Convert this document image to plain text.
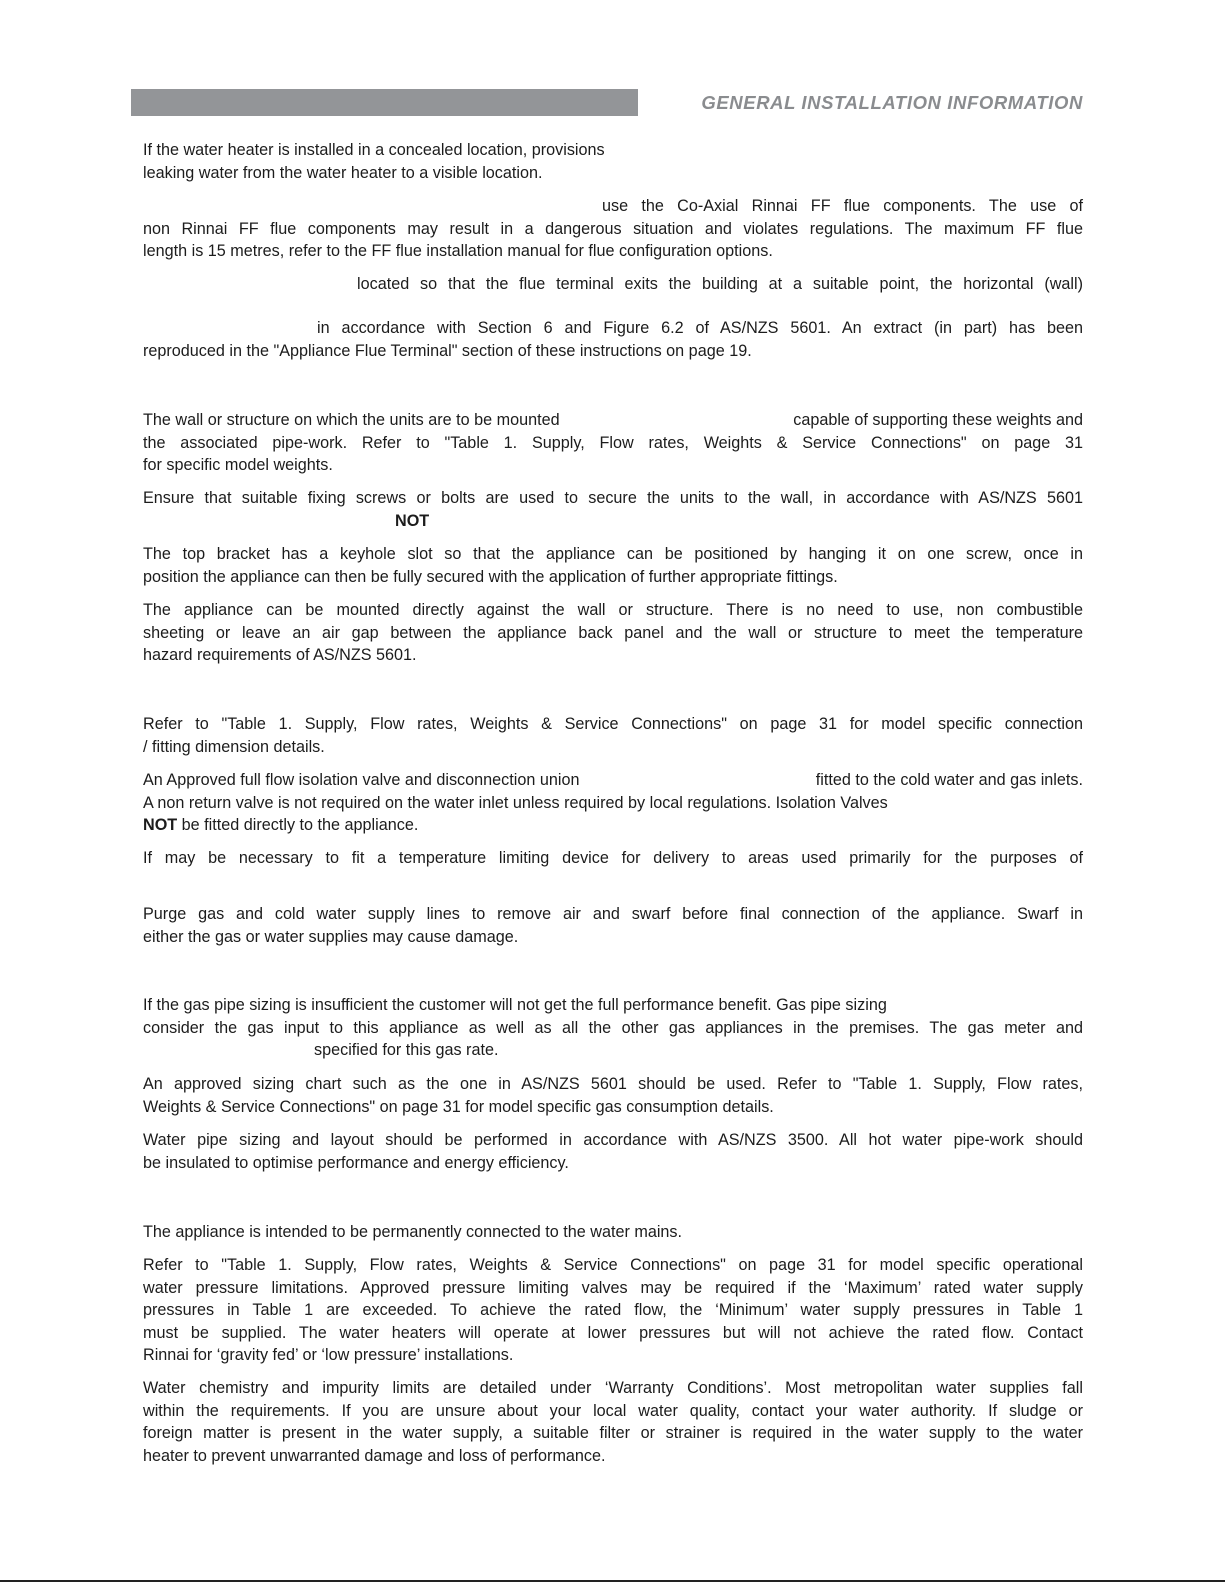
GENERAL INSTALLATION INFORMATION
If the water heater is installed in a concealed location, provisions
leaking water from the water heater to a visible location.
use the Co-Axial Rinnai FF flue components. The use of
non Rinnai FF flue components may result in a dangerous situation and violates regulations. The maximum FF flue
length is 15 metres, refer to the FF flue installation manual for flue configuration options.
located so that the flue terminal exits the building at a suitable point, the horizontal (wall)
in accordance with Section 6 and Figure 6.2 of AS/NZS 5601. An extract (in part) has been
reproduced in the "Appliance Flue Terminal" section of these instructions on page 19.
The wall or structure on which the units are to be mounted	capable of supporting these weights and
the associated pipe-work. Refer to "Table 1. Supply, Flow rates, Weights & Service Connections" on page 31
for specific model weights.
Ensure that suitable fixing screws or bolts are used to secure the units to the wall, in accordance with AS/NZS 5601
NOT
The top bracket has a keyhole slot so that the appliance can be positioned by hanging it on one screw, once in
position the appliance can then be fully secured with the application of further appropriate fittings.
The appliance can be mounted directly against the wall or structure. There is no need to use, non combustible
sheeting or leave an air gap between the appliance back panel and the wall or structure to meet the temperature
hazard requirements of AS/NZS 5601.
Refer to "Table 1. Supply, Flow rates, Weights & Service Connections" on page 31 for model specific connection
/ fitting dimension details.
An Approved full flow isolation valve and disconnection union	fitted to the cold water and gas inlets.
A non return valve is not required on the water inlet unless required by local regulations. Isolation Valves
NOT be fitted directly to the appliance.
If may be necessary to fit a temperature limiting device for delivery to areas used primarily for the purposes of
Purge gas and cold water supply lines to remove air and swarf before final connection of the appliance. Swarf in
either the gas or water supplies may cause damage.
If the gas pipe sizing is insufficient the customer will not get the full performance benefit. Gas pipe sizing
consider the gas input to this appliance as well as all the other gas appliances in the premises. The gas meter and
specified for this gas rate.
An approved sizing chart such as the one in AS/NZS 5601 should be used. Refer to "Table 1. Supply, Flow rates,
Weights & Service Connections" on page 31 for model specific gas consumption details.
Water pipe sizing and layout should be performed in accordance with AS/NZS 3500. All hot water pipe-work should
be insulated to optimise performance and energy efficiency.
The appliance is intended to be permanently connected to the water mains.
Refer to "Table 1. Supply, Flow rates, Weights & Service Connections" on page 31 for model specific operational
water pressure limitations. Approved pressure limiting valves may be required if the ‘Maximum’ rated water supply
pressures in Table 1 are exceeded. To achieve the rated flow, the ‘Minimum’ water supply pressures in Table 1
must be supplied. The water heaters will operate at lower pressures but will not achieve the rated flow. Contact
Rinnai for ‘gravity fed’ or ‘low pressure’ installations.
Water chemistry and impurity limits are detailed under ‘Warranty Conditions’. Most metropolitan water supplies fall
within the requirements. If you are unsure about your local water quality, contact your water authority. If sludge or
foreign matter is present in the water supply, a suitable filter or strainer is required in the water supply to the water
heater to prevent unwarranted damage and loss of performance.
